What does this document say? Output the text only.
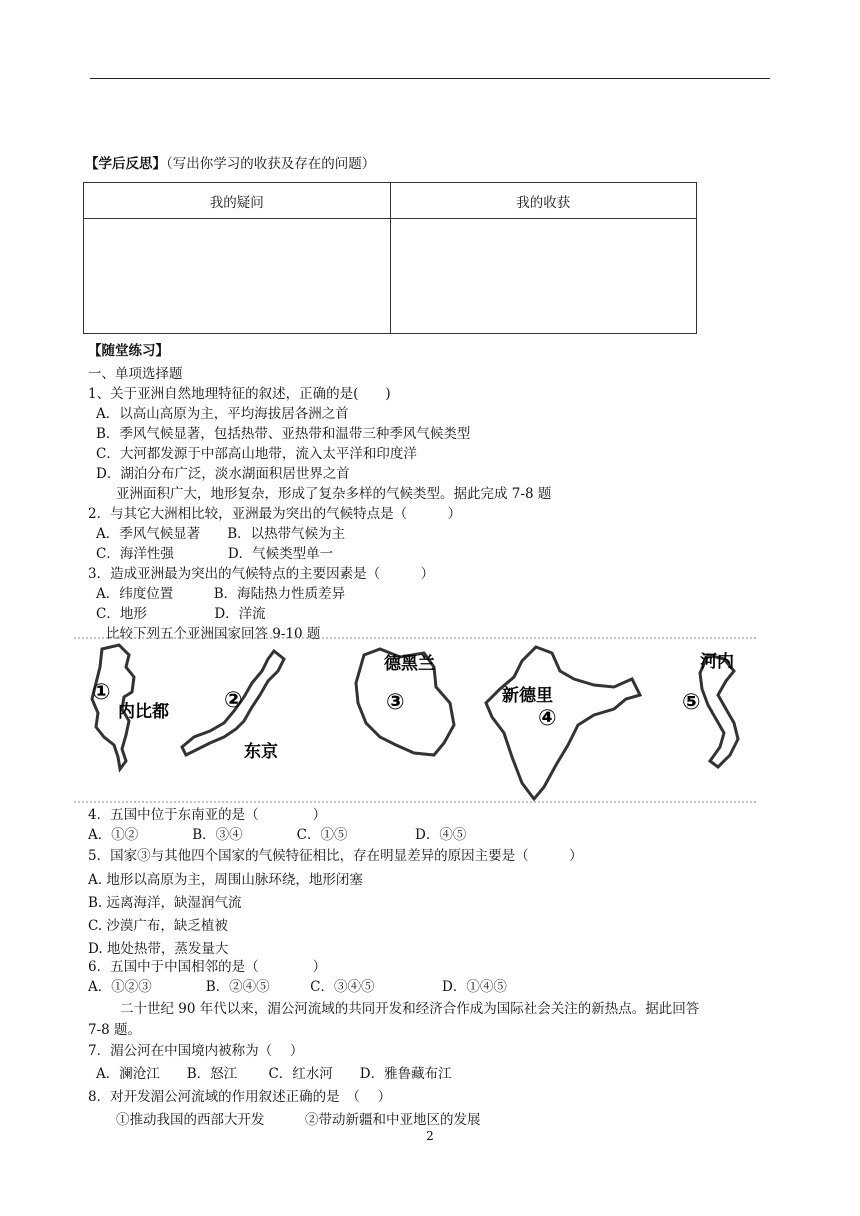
【学后反思】（写出你学习的收获及存在的问题）
我的疑问	我的收获

【随堂练习】
一、单项选择题
1、关于亚洲自然地理特征的叙述，正确的是(　　)
A．以高山高原为主，平均海拔居各洲之首
B．季风气候显著，包括热带、亚热带和温带三种季风气候类型
C．大河都发源于中部高山地带，流入太平洋和印度洋
D．湖泊分布广泛，淡水湖面积居世界之首
亚洲面积广大，地形复杂，形成了复杂多样的气候类型。据此完成 7-8 题
2．与其它大洲相比较，亚洲最为突出的气候特点是（　　　）
A．季风气候显著　　B．以热带气候为主
C．海洋性强　　　　D．气候类型单一
3．造成亚洲最为突出的气候特点的主要因素是（　　　）
A．纬度位置　　　B．海陆热力性质差异
C．地形　　　　　D．洋流
比较下列五个亚洲国家回答 9-10 题
①
内比都	②
东京
德黑兰
③	新德里
④
河内
⑤
4．五国中位于东南亚的是（　　　　）
A．①②　　　　B．③④　　　　C．①⑤　　　　　D．④⑤
5．国家③与其他四个国家的气候特征相比，存在明显差异的原因主要是（　　　）
A. 地形以高原为主，周围山脉环绕，地形闭塞
B. 远离海洋，缺湿润气流
C. 沙漠广布，缺乏植被
D. 地处热带，蒸发量大
6．五国中于中国相邻的是（　　　　）
A．①②③　　　　B．②④⑤　　　C．③④⑤　　　　　D．①④⑤
二十世纪 90 年代以来，湄公河流域的共同开发和经济合作成为国际社会关注的新热点。据此回答
7-8 题。
7．湄公河在中国境内被称为（　 ）
A．澜沧江　　B．怒江　　 C．红水河　　D．雅鲁藏布江
8．对开发湄公河流域的作用叙述正确的是　（　 ）
①推动我国的西部大开发　　　②带动新疆和中亚地区的发展
2
